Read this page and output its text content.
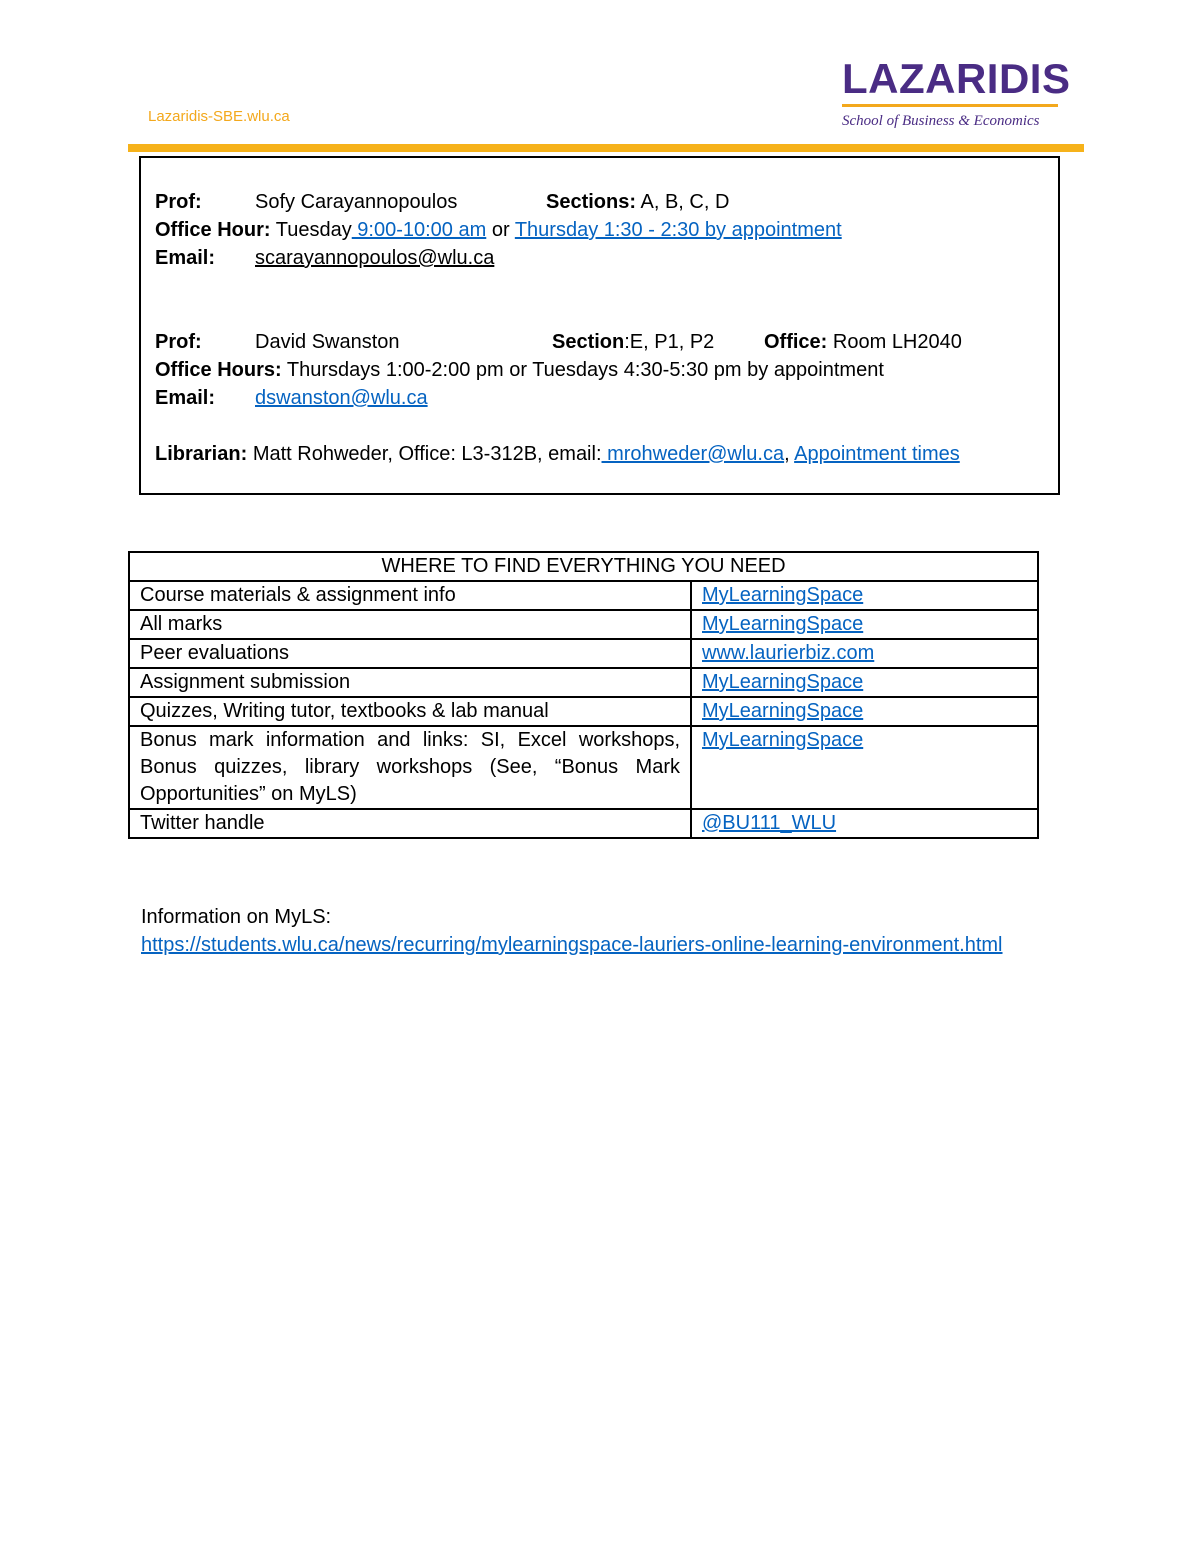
Lazaridis-SBE.wlu.ca
LAZARIDIS
School of Business & Economics
Prof:	Sofy Carayannopoulos	Sections: A, B, C, D
Office Hour: Tuesday 9:00-10:00 am or Thursday 1:30 - 2:30 by appointment
Email: scarayannopoulos@wlu.ca
Prof:	David Swanston	Section:E, P1, P2 Office: Room LH2040
Office Hours: Thursdays 1:00-2:00 pm or Tuesdays 4:30-5:30 pm by appointment
Email: dswanston@wlu.ca
Librarian: Matt Rohweder, Office: L3-312B, email: mrohweder@wlu.ca, Appointment times
WHERE TO FIND EVERYTHING YOU NEED	
Course materials & assignment info	MyLearningSpace
All marks	MyLearningSpace
Peer evaluations	www.laurierbiz.com
Assignment submission	MyLearningSpace
Quizzes, Writing tutor, textbooks & lab manual	MyLearningSpace
Bonus mark information and links: SI, Excel workshops, Bonus quizzes, library workshops (See, “Bonus Mark Opportunities” on MyLS)	MyLearningSpace
Twitter handle	@BU111_WLU
Information on MyLS:
https://students.wlu.ca/news/recurring/mylearningspace-lauriers-online-learning-environment.html
